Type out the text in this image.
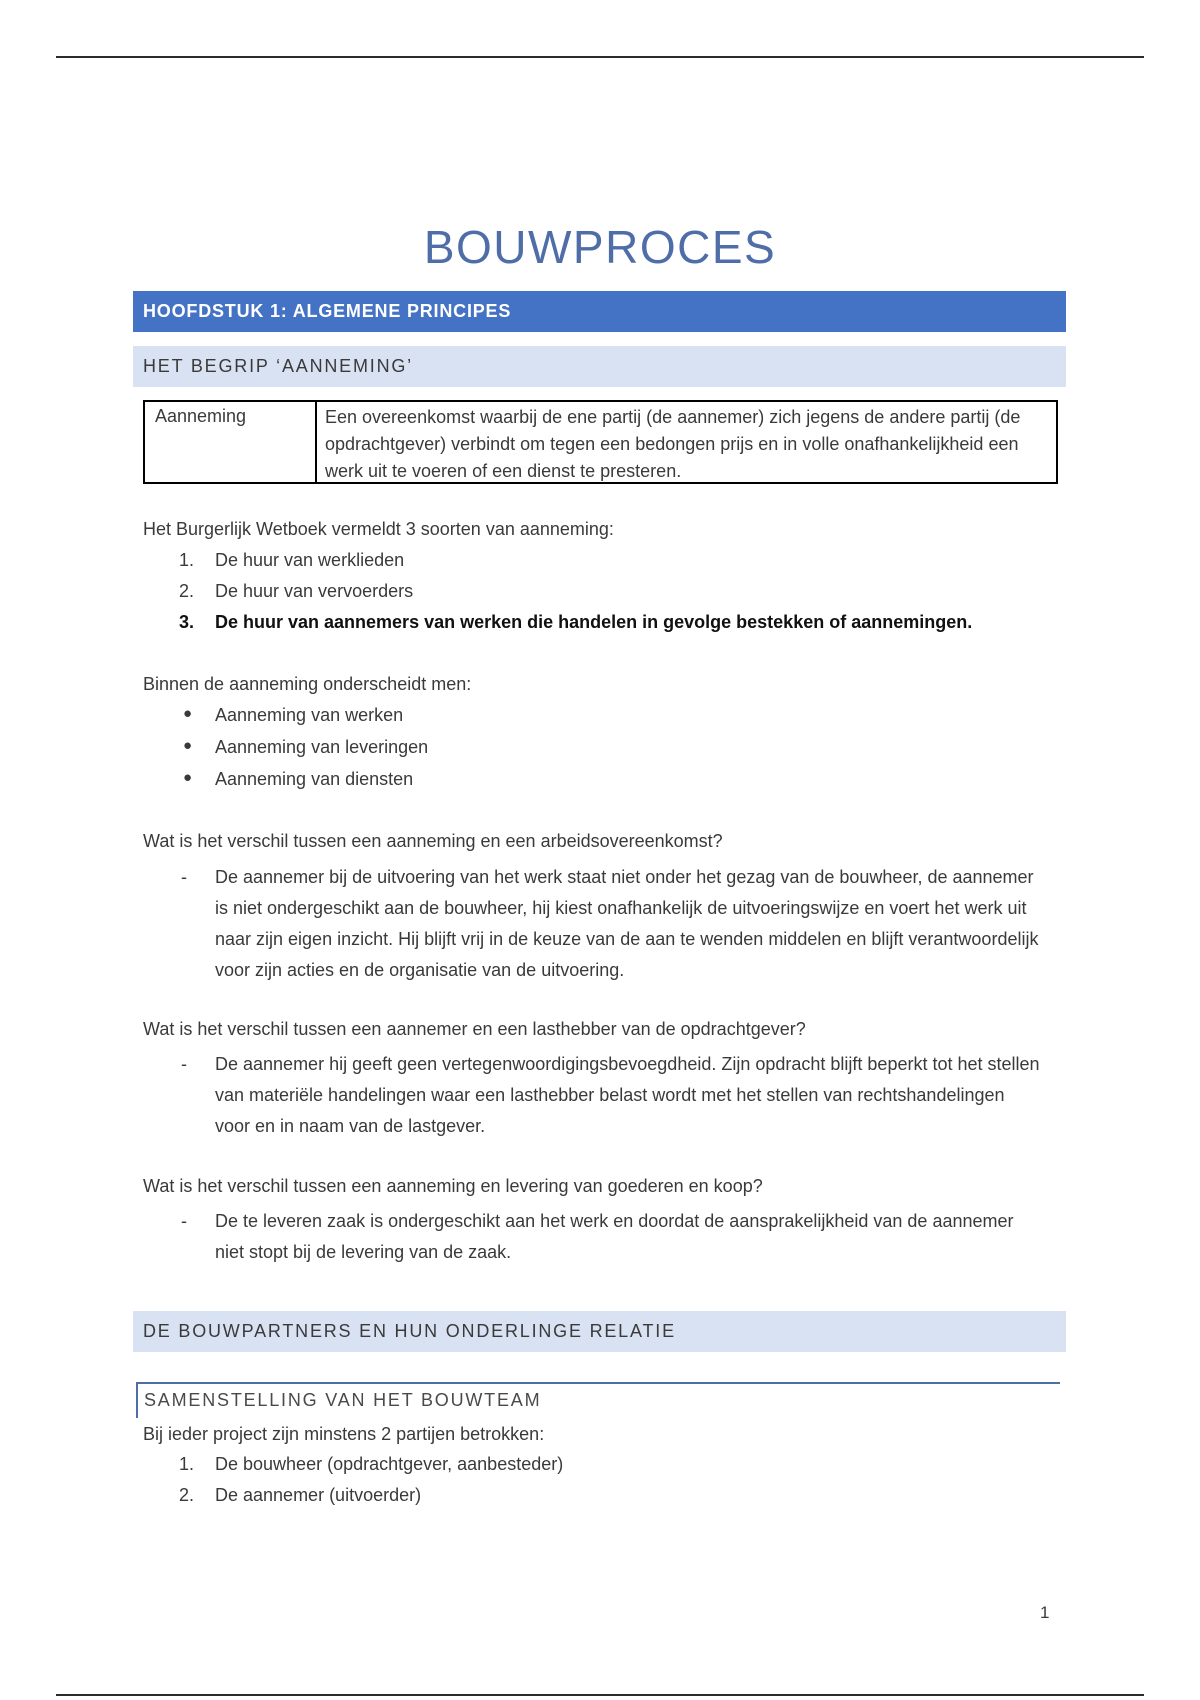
BOUWPROCES
HOOFDSTUK 1: ALGEMENE PRINCIPES
HET BEGRIP ‘AANNEMING’
Aanneming	Een overeenkomst waarbij de ene partij (de aannemer) zich jegens de andere partij (de opdrachtgever) verbindt om tegen een bedongen prijs en in volle onafhankelijkheid een werk uit te voeren of een dienst te presteren.

Het Burgerlijk Wetboek vermeldt 3 soorten van aanneming:

1. De huur van werklieden
2. De huur van vervoerders
3. De huur van aannemers van werken die handelen in gevolge bestekken of aannemingen.

Binnen de aanneming onderscheidt men:

● Aanneming van werken
● Aanneming van leveringen
● Aanneming van diensten

Wat is het verschil tussen een aanneming en een arbeidsovereenkomst?

- De aannemer bij de uitvoering van het werk staat niet onder het gezag van de bouwheer, de aannemer is niet ondergeschikt aan de bouwheer, hij kiest onafhankelijk de uitvoeringswijze en voert het werk uit naar zijn eigen inzicht. Hij blijft vrij in de keuze van de aan te wenden middelen en blijft verantwoordelijk voor zijn acties en de organisatie van de uitvoering.

Wat is het verschil tussen een aannemer en een lasthebber van de opdrachtgever?

- De aannemer hij geeft geen vertegenwoordigingsbevoegdheid. Zijn opdracht blijft beperkt tot het stellen van materiële handelingen waar een lasthebber belast wordt met het stellen van rechtshandelingen voor en in naam van de lastgever.

Wat is het verschil tussen een aanneming en levering van goederen en koop?

- De te leveren zaak is ondergeschikt aan het werk en doordat de aansprakelijkheid van de aannemer niet stopt bij de levering van de zaak.
DE BOUWPARTNERS EN HUN ONDERLINGE RELATIE
SAMENSTELLING VAN HET BOUWTEAM

Bij ieder project zijn minstens 2 partijen betrokken:

1. De bouwheer (opdrachtgever, aanbesteder)
2. De aannemer (uitvoerder)
1
